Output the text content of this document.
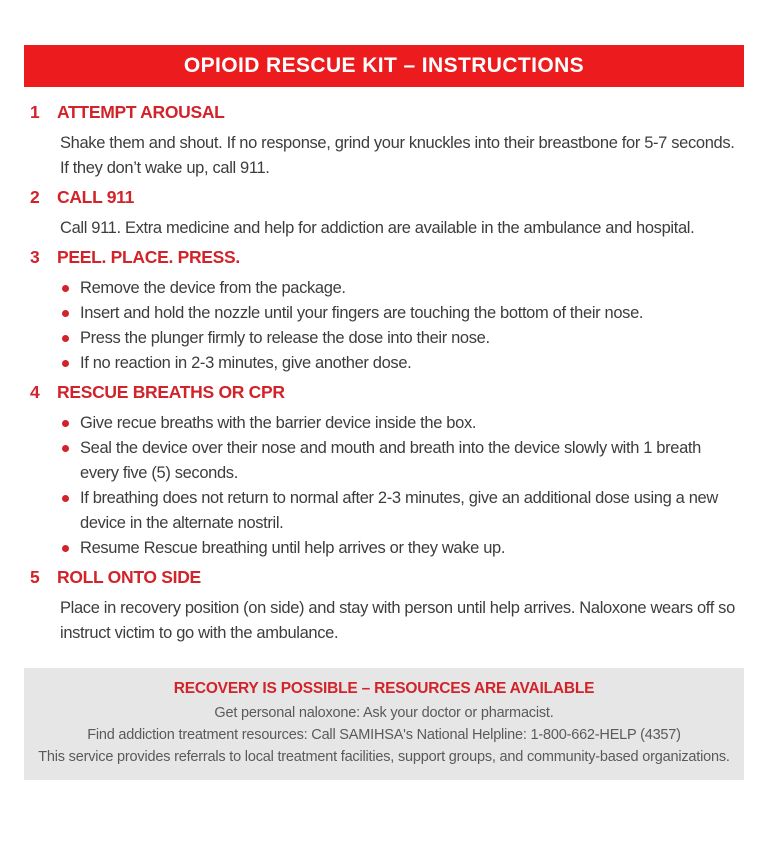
OPIOID RESCUE KIT – INSTRUCTIONS
1	ATTEMPT AROUSAL

Shake them and shout. If no response, grind your knuckles into their breastbone for 5-7 seconds. If they don’t wake up, call 911.

2	CALL 911

Call 911. Extra medicine and help for addiction are available in the ambulance and hospital.

3	PEEL. PLACE. PRESS.
Remove the device from the package.
Insert and hold the nozzle until your fingers are touching the bottom of their nose.
Press the plunger firmly to release the dose into their nose.
If no reaction in 2-3 minutes, give another dose.
4	RESCUE BREATHS OR CPR
Give recue breaths with the barrier device inside the box.
Seal the device over their nose and mouth and breath into the device slowly with 1 breath every five (5) seconds.
If breathing does not return to normal after 2-3 minutes, give an additional dose using a new device in the alternate nostril.
Resume Rescue breathing until help arrives or they wake up.
5	ROLL ONTO SIDE

Place in recovery position (on side) and stay with person until help arrives. Naloxone wears off so instruct victim to go with the ambulance.

RECOVERY IS POSSIBLE – RESOURCES ARE AVAILABLE
Get personal naloxone: Ask your doctor or pharmacist.
Find addiction treatment resources: Call SAMIHSA's National Helpline: 1-800-662-HELP (4357)
This service provides referrals to local treatment facilities, support groups, and community-based organizations.
